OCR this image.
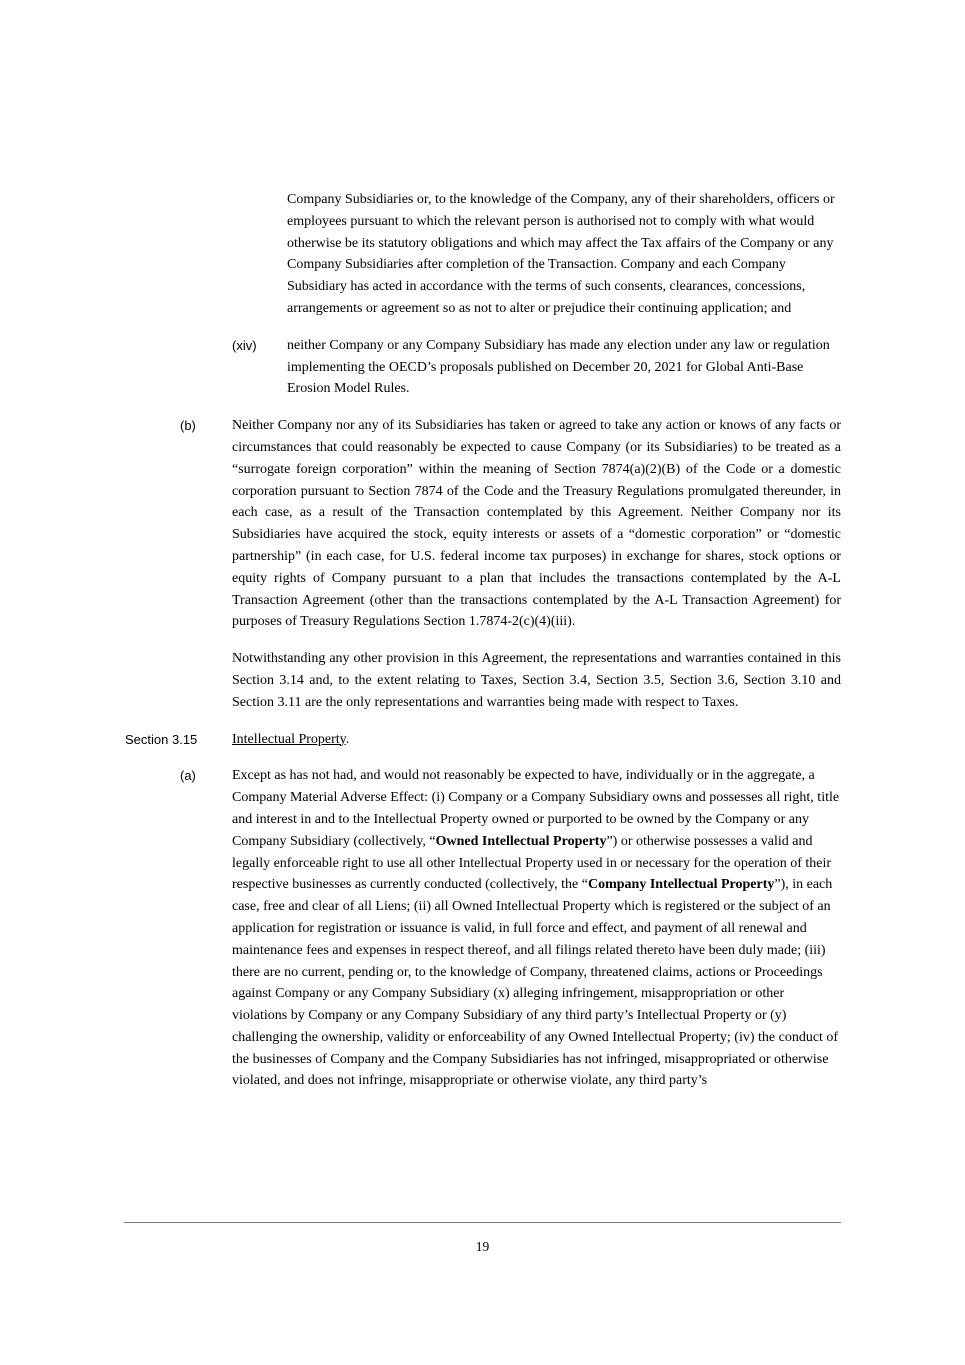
Company Subsidiaries or, to the knowledge of the Company, any of their shareholders, officers or employees pursuant to which the relevant person is authorised not to comply with what would otherwise be its statutory obligations and which may affect the Tax affairs of the Company or any Company Subsidiaries after completion of the Transaction. Company and each Company Subsidiary has acted in accordance with the terms of such consents, clearances, concessions, arrangements or agreement so as not to alter or prejudice their continuing application; and
(xiv) neither Company or any Company Subsidiary has made any election under any law or regulation implementing the OECD’s proposals published on December 20, 2021 for Global Anti-Base Erosion Model Rules.
(b)	Neither Company nor any of its Subsidiaries has taken or agreed to take any action or knows of any facts or circumstances that could reasonably be expected to cause Company (or its Subsidiaries) to be treated as a “surrogate foreign corporation” within the meaning of Section 7874(a)(2)(B) of the Code or a domestic corporation pursuant to Section 7874 of the Code and the Treasury Regulations promulgated thereunder, in each case, as a result of the Transaction contemplated by this Agreement. Neither Company nor its Subsidiaries have acquired the stock, equity interests or assets of a “domestic corporation” or “domestic partnership” (in each case, for U.S. federal income tax purposes) in exchange for shares, stock options or equity rights of Company pursuant to a plan that includes the transactions contemplated by the A-L Transaction Agreement (other than the transactions contemplated by the A-L Transaction Agreement) for purposes of Treasury Regulations Section 1.7874-2(c)(4)(iii).
Notwithstanding any other provision in this Agreement, the representations and warranties contained in this Section 3.14 and, to the extent relating to Taxes, Section 3.4, Section 3.5, Section 3.6, Section 3.10 and Section 3.11 are the only representations and warranties being made with respect to Taxes.
Section 3.15 Intellectual Property.
(a)	Except as has not had, and would not reasonably be expected to have, individually or in the aggregate, a Company Material Adverse Effect: (i) Company or a Company Subsidiary owns and possesses all right, title and interest in and to the Intellectual Property owned or purported to be owned by the Company or any Company Subsidiary (collectively, “Owned Intellectual Property”) or otherwise possesses a valid and legally enforceable right to use all other Intellectual Property used in or necessary for the operation of their respective businesses as currently conducted (collectively, the “Company Intellectual Property”), in each case, free and clear of all Liens; (ii) all Owned Intellectual Property which is registered or the subject of an application for registration or issuance is valid, in full force and effect, and payment of all renewal and maintenance fees and expenses in respect thereof, and all filings related thereto have been duly made; (iii) there are no current, pending or, to the knowledge of Company, threatened claims, actions or Proceedings against Company or any Company Subsidiary (x) alleging infringement, misappropriation or other violations by Company or any Company Subsidiary of any third party’s Intellectual Property or (y) challenging the ownership, validity or enforceability of any Owned Intellectual Property; (iv) the conduct of the businesses of Company and the Company Subsidiaries has not infringed, misappropriated or otherwise violated, and does not infringe, misappropriate or otherwise violate, any third party’s
19
